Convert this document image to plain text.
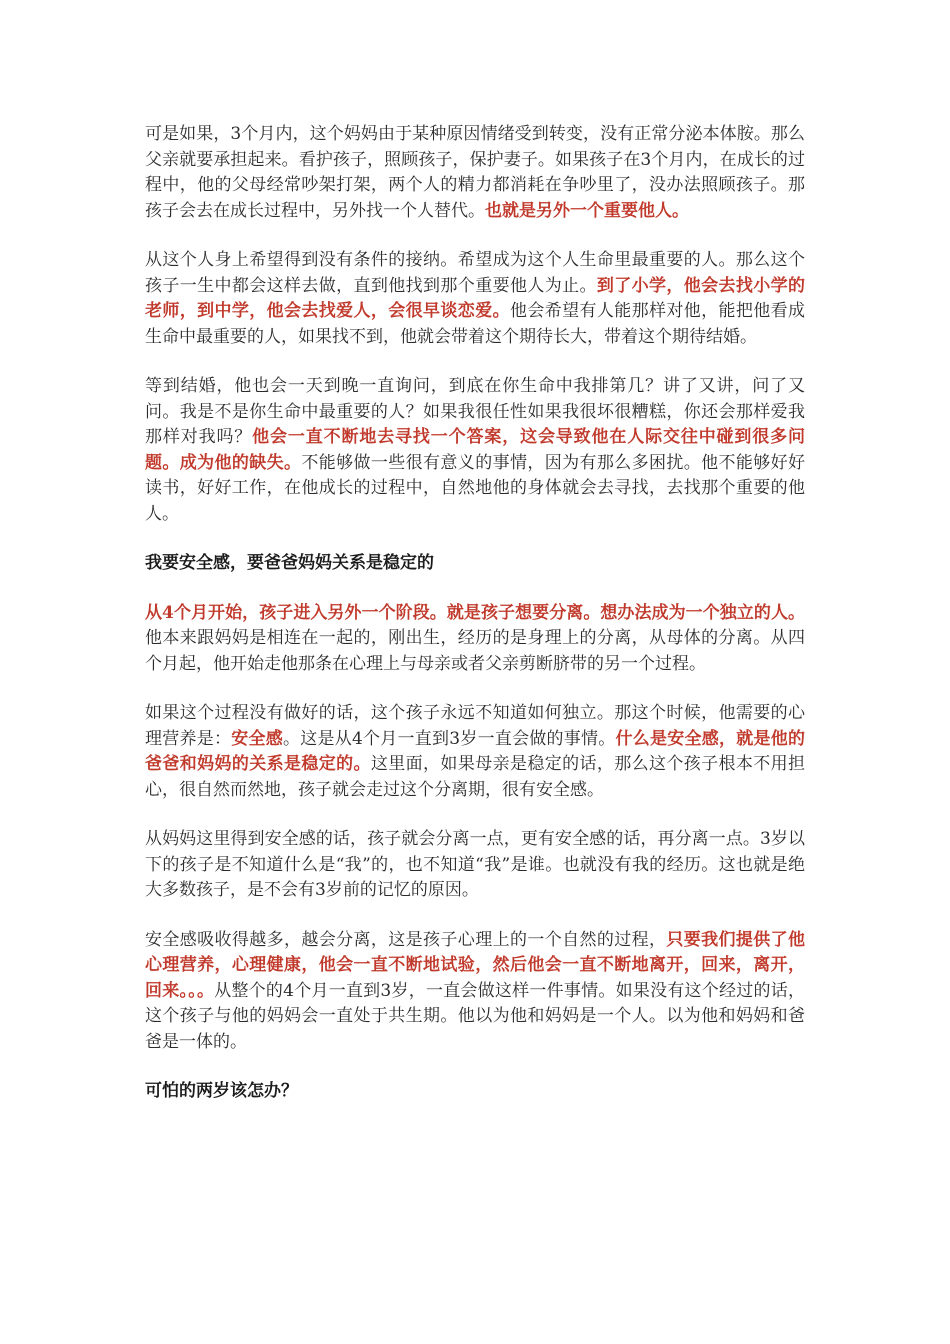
可是如果，3个月内，这个妈妈由于某种原因情绪受到转变，没有正常分泌本体胺。那么父亲就要承担起来。看护孩子，照顾孩子，保护妻子。如果孩子在3个月内，在成长的过程中，他的父母经常吵架打架，两个人的精力都消耗在争吵里了，没办法照顾孩子。那孩子会去在成长过程中，另外找一个人替代。也就是另外一个重要他人。

从这个人身上希望得到没有条件的接纳。希望成为这个人生命里最重要的人。那么这个孩子一生中都会这样去做，直到他找到那个重要他人为止。到了小学，他会去找小学的老师，到中学，他会去找爱人，会很早谈恋爱。他会希望有人能那样对他，能把他看成生命中最重要的人，如果找不到，他就会带着这个期待长大，带着这个期待结婚。

等到结婚，他也会一天到晚一直询问，到底在你生命中我排第几？讲了又讲，问了又问。我是不是你生命中最重要的人？如果我很任性如果我很坏很糟糕，你还会那样爱我那样对我吗？他会一直不断地去寻找一个答案，这会导致他在人际交往中碰到很多问题。成为他的缺失。不能够做一些很有意义的事情，因为有那么多困扰。他不能够好好读书，好好工作，在他成长的过程中，自然地他的身体就会去寻找，去找那个重要的他人。

我要安全感，要爸爸妈妈关系是稳定的

从4个月开始，孩子进入另外一个阶段。就是孩子想要分离。想办法成为一个独立的人。他本来跟妈妈是相连在一起的，刚出生，经历的是身理上的分离，从母体的分离。从四个月起，他开始走他那条在心理上与母亲或者父亲剪断脐带的另一个过程。

如果这个过程没有做好的话，这个孩子永远不知道如何独立。那这个时候，他需要的心理营养是：安全感。这是从4个月一直到3岁一直会做的事情。什么是安全感，就是他的爸爸和妈妈的关系是稳定的。这里面，如果母亲是稳定的话，那么这个孩子根本不用担心，很自然而然地，孩子就会走过这个分离期，很有安全感。

从妈妈这里得到安全感的话，孩子就会分离一点，更有安全感的话，再分离一点。3岁以下的孩子是不知道什么是“我”的，也不知道“我”是谁。也就没有我的经历。这也就是绝大多数孩子，是不会有3岁前的记忆的原因。

安全感吸收得越多，越会分离，这是孩子心理上的一个自然的过程，只要我们提供了他心理营养，心理健康，他会一直不断地试验，然后他会一直不断地离开，回来，离开，回来。。。从整个的4个月一直到3岁，一直会做这样一件事情。如果没有这个经过的话，这个孩子与他的妈妈会一直处于共生期。他以为他和妈妈是一个人。以为他和妈妈和爸爸是一体的。

可怕的两岁该怎办？
